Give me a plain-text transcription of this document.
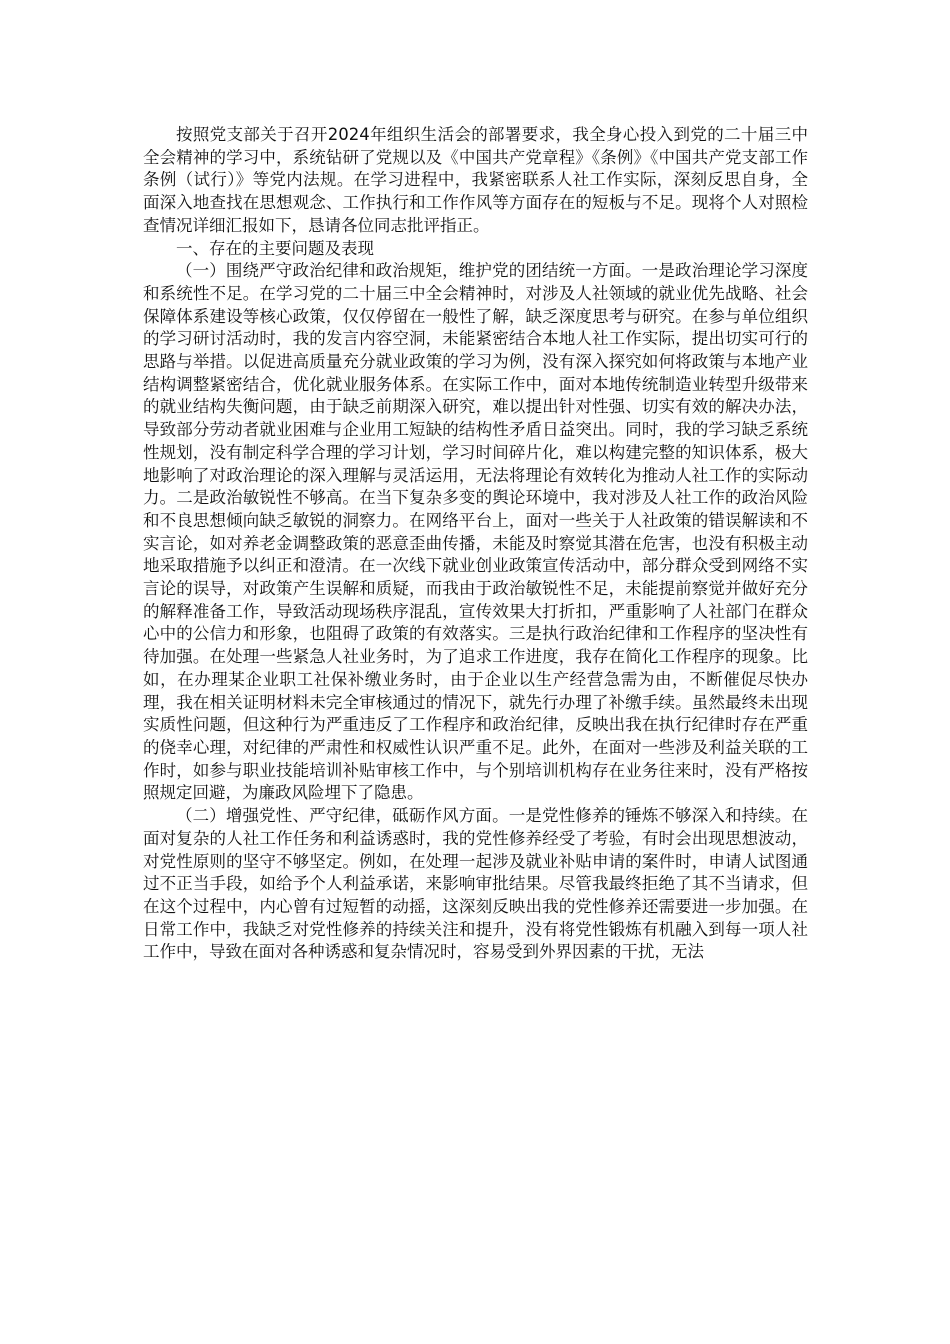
按照党支部关于召开2024年组织生活会的部署要求，我全身心投入到党的二十届三中全会精神的学习中，系统钻研了党规以及《中国共产党章程》《条例》《中国共产党支部工作条例（试行）》等党内法规。在学习进程中，我紧密联系人社工作实际，深刻反思自身，全面深入地查找在思想观念、工作执行和工作作风等方面存在的短板与不足。现将个人对照检查情况详细汇报如下，恳请各位同志批评指正。

一、存在的主要问题及表现

（一）围绕严守政治纪律和政治规矩，维护党的团结统一方面。一是政治理论学习深度和系统性不足。在学习党的二十届三中全会精神时，对涉及人社领域的就业优先战略、社会保障体系建设等核心政策，仅仅停留在一般性了解，缺乏深度思考与研究。在参与单位组织的学习研讨活动时，我的发言内容空洞，未能紧密结合本地人社工作实际，提出切实可行的思路与举措。以促进高质量充分就业政策的学习为例，没有深入探究如何将政策与本地产业结构调整紧密结合，优化就业服务体系。在实际工作中，面对本地传统制造业转型升级带来的就业结构失衡问题，由于缺乏前期深入研究，难以提出针对性强、切实有效的解决办法，导致部分劳动者就业困难与企业用工短缺的结构性矛盾日益突出。同时，我的学习缺乏系统性规划，没有制定科学合理的学习计划，学习时间碎片化，难以构建完整的知识体系，极大地影响了对政治理论的深入理解与灵活运用，无法将理论有效转化为推动人社工作的实际动力。二是政治敏锐性不够高。在当下复杂多变的舆论环境中，我对涉及人社工作的政治风险和不良思想倾向缺乏敏锐的洞察力。在网络平台上，面对一些关于人社政策的错误解读和不实言论，如对养老金调整政策的恶意歪曲传播，未能及时察觉其潜在危害，也没有积极主动地采取措施予以纠正和澄清。在一次线下就业创业政策宣传活动中，部分群众受到网络不实言论的误导，对政策产生误解和质疑，而我由于政治敏锐性不足，未能提前察觉并做好充分的解释准备工作，导致活动现场秩序混乱，宣传效果大打折扣，严重影响了人社部门在群众心中的公信力和形象，也阻碍了政策的有效落实。三是执行政治纪律和工作程序的坚决性有待加强。在处理一些紧急人社业务时，为了追求工作进度，我存在简化工作程序的现象。比如，在办理某企业职工社保补缴业务时，由于企业以生产经营急需为由，不断催促尽快办理，我在相关证明材料未完全审核通过的情况下，就先行办理了补缴手续。虽然最终未出现实质性问题，但这种行为严重违反了工作程序和政治纪律，反映出我在执行纪律时存在严重的侥幸心理，对纪律的严肃性和权威性认识严重不足。此外，在面对一些涉及利益关联的工作时，如参与职业技能培训补贴审核工作中，与个别培训机构存在业务往来时，没有严格按照规定回避，为廉政风险埋下了隐患。

（二）增强党性、严守纪律，砥砺作风方面。一是党性修养的锤炼不够深入和持续。在面对复杂的人社工作任务和利益诱惑时，我的党性修养经受了考验，有时会出现思想波动，对党性原则的坚守不够坚定。例如，在处理一起涉及就业补贴申请的案件时，申请人试图通过不正当手段，如给予个人利益承诺，来影响审批结果。尽管我最终拒绝了其不当请求，但在这个过程中，内心曾有过短暂的动摇，这深刻反映出我的党性修养还需要进一步加强。在日常工作中，我缺乏对党性修养的持续关注和提升，没有将党性锻炼有机融入到每一项人社工作中，导致在面对各种诱惑和复杂情况时，容易受到外界因素的干扰，无法
